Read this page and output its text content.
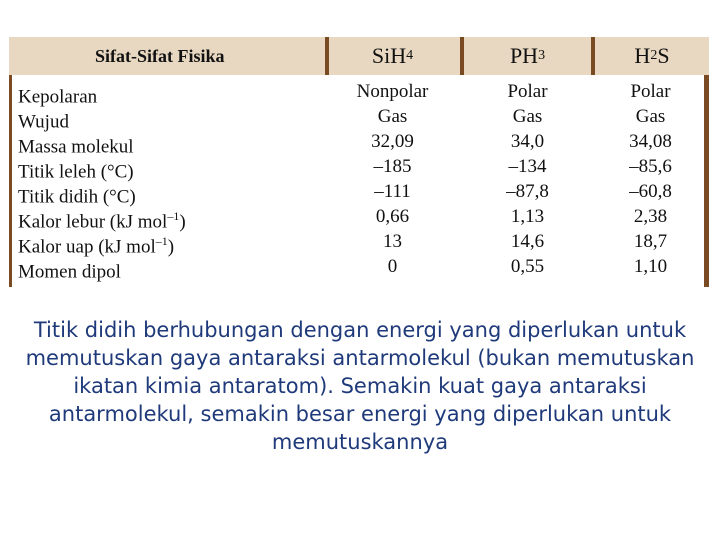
Sifat-Sifat Fisika	Si H 4	PH 3	H 2 S
Kepolaran	Nonpolar	Polar	Polar
Wujud	Gas	Gas	Gas
Massa molekul	32,09	34,0	34,08
Titik leleh (°C)	–185	–134	–85,6
Titik didih (°C)	–111	–87,8	–60,8
Kalor lebur (kJ mol$^{-1}$)	0,66	1,13	2,38
Kalor uap (kJ mol$^{-1}$)	13	14,6	18,7
Momen dipol	0	0,55	1,10
Titik didih berhubungan dengan energi yang diperlukan untuk memutuskan gaya antaraksi antarmolekul (bukan memutuskan ikatan kimia antaratom). Semakin kuat gaya antaraksi antarmolekul, semakin besar energi yang diperlukan untuk memutuskannya
